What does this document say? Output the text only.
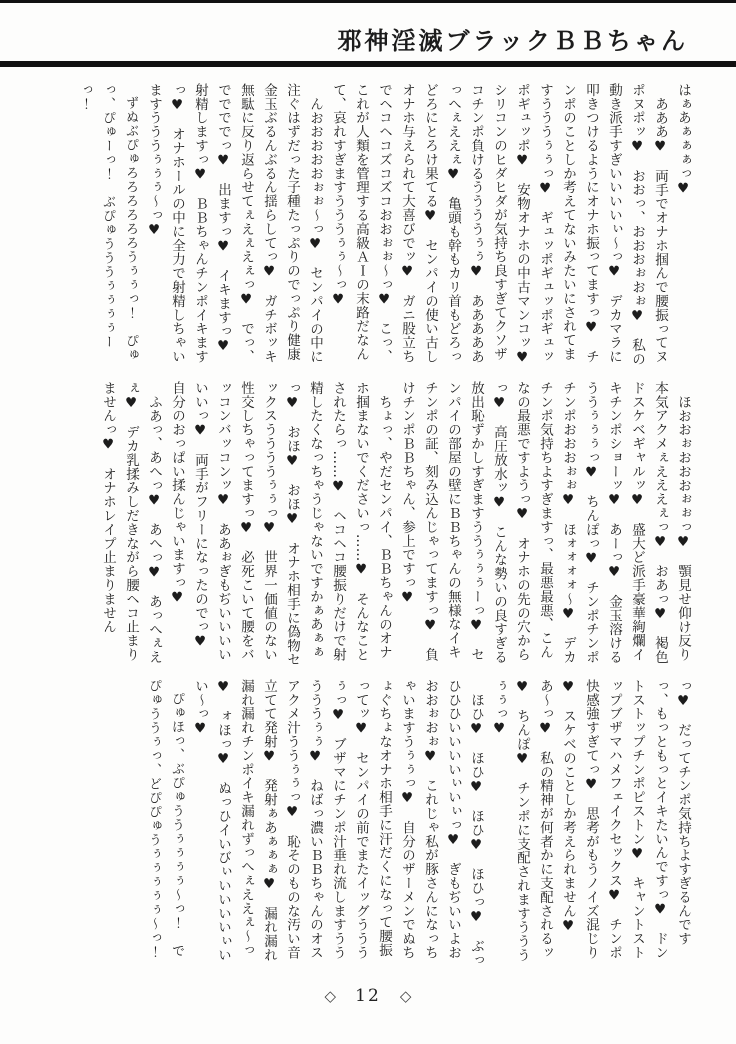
邪神淫滅ブラックＢＢちゃん

はぁあぁぁぁっ♥

あああ♥　両手でオナホ掴んで腰振ってヌポヌポッ♥　おおっ、おおおぉおぉ♥　私の動き派手すぎいいいいぃ〜っ♥　デカマラに叩きつけるようにオナホ振ってますっ♥　チンポのことしか考えてないみたいにされてますうううぅぅっ♥　ギュッポギュッポギュッポギュッポ♥　安物オナホの中古マンコッ♥　シリコンのヒダヒダが気持ち良すぎてクソザコチンポ負けるううううぅぅ♥　あああああっへぇええぇ♥　亀頭も幹もカリ首もどろっどろにとろけ果てる♥　センパイの使い古しオナホ与えられて大喜びでッ♥　ガニ股立ちでヘコヘコズコズコおおぉぉ〜っ♥　こっ、これが人類を管理する高級ＡＩの末路だなんて、哀れすぎますうううぅぅ〜っ♥

んおおおおおぉぉ〜っ♥　センパイの中に注ぐはずだった子種たっぷりのでっぷり健康金玉ぶるんぶるん揺らしてっ♥　ガチボッキ無駄に反り返らせてぇえぇえぇっ♥　でっ、ででででっ♥　出ますっ♥　イキますっ♥　射精しますっ♥　ＢＢちゃんチンポイキますっ♥　オナホールの中に全力で射精しちゃいますうううぅぅぅ〜っ♥

ずぬぶぴゅろろろろろろうぅぅっ！　ぴゅっ、ぴゅーっ！　ぶぴゅうううぅぅぅぅーっ！

ほおおぉおおおぉぉっ♥　顎見せ仰け反り本気アクメぇえええぇっ♥　おあっ♥　褐色ドスケベギャルッ♥　盛大ど派手豪華絢爛イキチンポショーッ♥　あーっ♥　金玉溶けるううぅぅぅっ♥　ちんぽっ♥　チンポチンポチンポおおおぉぉ♥　ほォォォォ〜♥　デカチンポ気持ちよすぎますっ、最悪最悪、こんなの最悪ですようっ♥　オナホの先の穴からっ♥　高圧放水ッ♥　こんな勢いの良すぎる放出恥ずかしすぎますううぅぅぅーっ♥　センパイの部屋の壁にＢＢちゃんの無様なイキチンポの証、刻み込んじゃってますっ♥　負けチンポＢＢちゃん、参上ですっ♥

ちょっ、やだセンパイ、ＢＢちゃんのオナホ掴まないでくださいっ……♥　そんなことされたらっ……♥　ヘコヘコ腰振りだけで射精したくなっちゃうじゃないですかぁあぁぁっ♥　おほ♥　おほ♥　オナホ相手に偽物セックスううううぅぅっ♥　世界一価値のない性交しちゃってますっ♥　必死こいて腰をバッコンバッコンッ♥　ああぉぎもぢいいいいいいっ♥　両手がフリーになったのでっ♥　自分のおっぱい揉んじゃいますっ♥

ふあっ、あへっ♥　あへっ♥　あっへぇえぇ♥　デカ乳揉みしだきながら腰ヘコ止まりませんっ♥　オナホレイプ止まりません

っ♥　だってチンポ気持ちよすぎるんですっ、もっともっとイキたいんですっ♥　ドントストップチンポピストン♥　キャントストップブザマハメフェイクセックス♥　チンポ快感強すぎてっ♥　思考がもうノイズ混じり♥　スケベのことしか考えられません♥　あ〜っ♥　私の精神が何者かに支配されるッ♥　ちんぽ♥　チンポに支配されますうううぅぅっ♥

ほひ♥　ほひ♥　ほひ♥　ほひっ♥　ぶっひひひいいいいぃいぃっ♥　ぎもぢいいよおおおぉおぉ♥　これじゃ私が豚さんになっちゃいますうぅぅっ♥　自分のザーメンでぬちょぐちょなオナホ相手に汗だくになって腰振ってッ♥　センパイの前でまたイッグうううぅっ♥　ブザマにチンポ汁垂れ流しますうううううぅぅ♥　ねばっ濃いＢＢちゃんのオスアクメ汁ううぅぅっ♥　恥そのものな汚い音立てて発射♥　発射ぁあぁぁぁ♥　漏れ漏れ漏れ漏れチンポイキ漏れずっへぇええぇ〜っ♥　ォほっ♥　ぬっひイいびぃいいいいぃいい〜っ♥

ぴゅほっ、ぶぴゅううぅぅぅぅ〜っ！　でぴゅううぅっ、どぴぴゅうぅぅぅぅぅ〜っ！

◇ 12 ◇
